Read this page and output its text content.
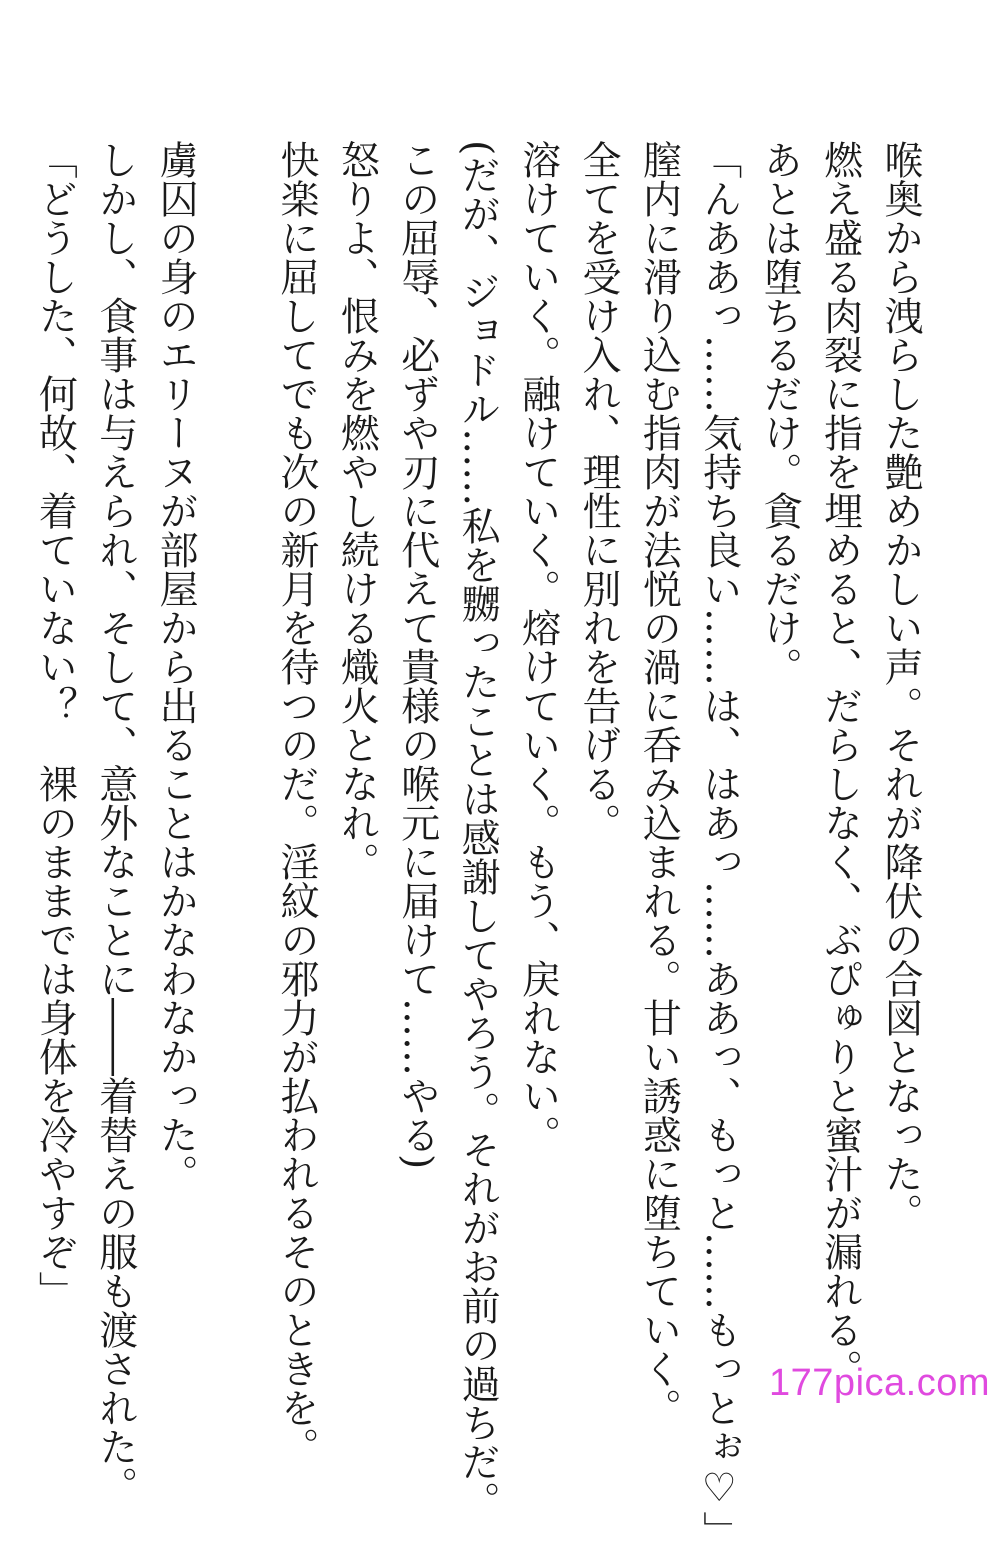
喉奥から洩らした艶めかしい声。それが降伏の合図となった。
燃え盛る肉裂に指を埋めると、だらしなく、ぶぴゅりと蜜汁が漏れる。
あとは堕ちるだけ。貪るだけ。
「んああっ……気持ち良い……は、はあっ……ああっ、もっと……もっとぉ♡」
膣内に滑り込む指肉が法悦の渦に呑み込まれる。甘い誘惑に堕ちていく。
全てを受け入れ、理性に別れを告げる。
溶けていく。融けていく。熔けていく。もう、戻れない。
(だが、ジョドル……私を嬲ったことは感謝してやろう。それがお前の過ちだ。
この屈辱、必ずや刃に代えて貴様の喉元に届けて……やる)
怒りよ、恨みを燃やし続ける熾火となれ。
快楽に屈してでも次の新月を待つのだ。淫紋の邪力が払われるそのときを。

虜囚の身のエリーヌが部屋から出ることはかなわなかった。
しかし、食事は与えられ、そして、意外なことに――着替えの服も渡された。
「どうした、何故、着ていない？　裸のままでは身体を冷やすぞ」
177pica.com
